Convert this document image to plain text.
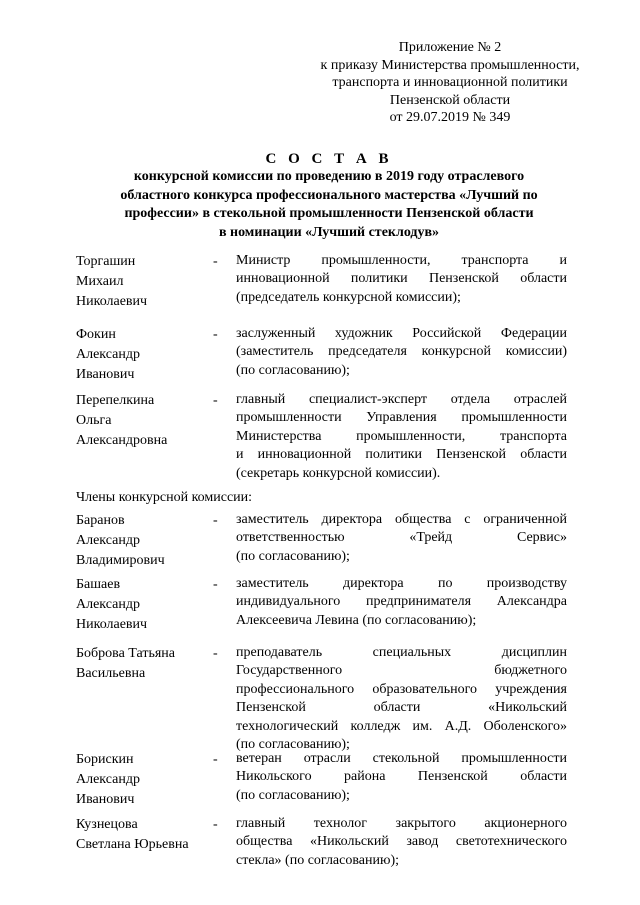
Приложение № 2
к приказу Министерства промышленности,
транспорта и инновационной политики
Пензенской области
от 29.07.2019 № 349
С О С Т А В
конкурсной комиссии по проведению в 2019 году отраслевого
областного конкурса профессионального мастерства «Лучший по
профессии» в стекольной промышленности Пензенской области
в номинации «Лучший стеклодув»
Торгашин
Михаил
Николаевич
- Министр промышленности, транспорта и
инновационной политики Пензенской области
(председатель конкурсной комиссии);
Фокин
Александр
Иванович
- заслуженный художник Российской Федерации
(заместитель председателя конкурсной комиссии)
(по согласованию);
Перепелкина
Ольга
Александровна
- главный специалист-эксперт отдела отраслей
промышленности Управления промышленности
Министерства промышленности, транспорта
и инновационной политики Пензенской области
(секретарь конкурсной комиссии).
Члены конкурсной комиссии:
Баранов
Александр
Владимирович
- заместитель директора общества с ограниченной
ответственностью «Трейд Сервис»
(по согласованию);
Башаев
Александр
Николаевич
- заместитель директора по производству
индивидуального предпринимателя Александра
Алексеевича Левина (по согласованию);
Боброва Татьяна
Васильевна
- преподаватель специальных дисциплин
Государственного бюджетного
профессионального образовательного учреждения
Пензенской области «Никольский
технологический колледж им. А.Д. Оболенского»
(по согласованию);
Борискин
Александр
Иванович
- ветеран отрасли стекольной промышленности
Никольского района Пензенской области
(по согласованию);
Кузнецова
Светлана Юрьевна
- главный технолог закрытого акционерного
общества «Никольский завод светотехнического
стекла» (по согласованию);
